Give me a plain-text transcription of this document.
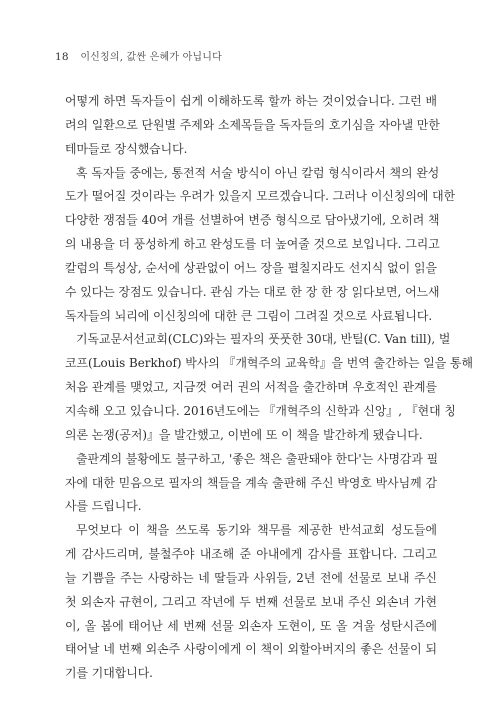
18 이신칭의, 값싼 은혜가 아닙니다
어떻게 하면 독자들이 쉽게 이해하도록 할까 하는 것이었습니다. 그런 배
려의 일환으로 단원별 주제와 소제목들을 독자들의 호기심을 자아낼 만한
테마들로 장식했습니다.
혹 독자들 중에는, 통전적 서술 방식이 아닌 칼럼 형식이라서 책의 완성
도가 떨어질 것이라는 우려가 있을지 모르겠습니다. 그러나 이신칭의에 대한
다양한 쟁점들 40여 개를 선별하여 변증 형식으로 담아냈기에, 오히려 책
의 내용을 더 풍성하게 하고 완성도를 더 높여줄 것으로 보입니다. 그리고
칼럼의 특성상, 순서에 상관없이 어느 장을 펼칠지라도 선지식 없이 읽을
수 있다는 장점도 있습니다. 관심 가는 대로 한 장 한 장 읽다보면, 어느새
독자들의 뇌리에 이신칭의에 대한 큰 그림이 그려질 것으로 사료됩니다.
기독교문서선교회(CLC)와는 필자의 풋풋한 30대, 반틸(C. Van till), 벌
코프(Louis Berkhof) 박사의 『개혁주의 교육학』을 번역 출간하는 일을 통해
처음 관계를 맺었고, 지금껏 여러 권의 서적을 출간하며 우호적인 관계를
지속해 오고 있습니다. 2016년도에는 『개혁주의 신학과 신앙』, 『현대 칭
의론 논쟁(공저)』을 발간했고, 이번에 또 이 책을 발간하게 됐습니다.
출판계의 불황에도 불구하고, '좋은 책은 출판돼야 한다'는 사명감과 필
자에 대한 믿음으로 필자의 책들을 계속 출판해 주신 박영호 박사님께 감
사를 드립니다.
무엇보다 이 책을 쓰도록 동기와 책무를 제공한 반석교회 성도들에
게 감사드리며, 불철주야 내조해 준 아내에게 감사를 표합니다. 그리고
늘 기쁨을 주는 사랑하는 네 딸들과 사위들, 2년 전에 선물로 보내 주신
첫 외손자 규현이, 그리고 작년에 두 번째 선물로 보내 주신 외손녀 가현
이, 올 봄에 태어난 세 번째 선물 외손자 도현이, 또 올 겨울 성탄시즌에
태어날 네 번째 외손주 사랑이에게 이 책이 외할아버지의 좋은 선물이 되
기를 기대합니다.
